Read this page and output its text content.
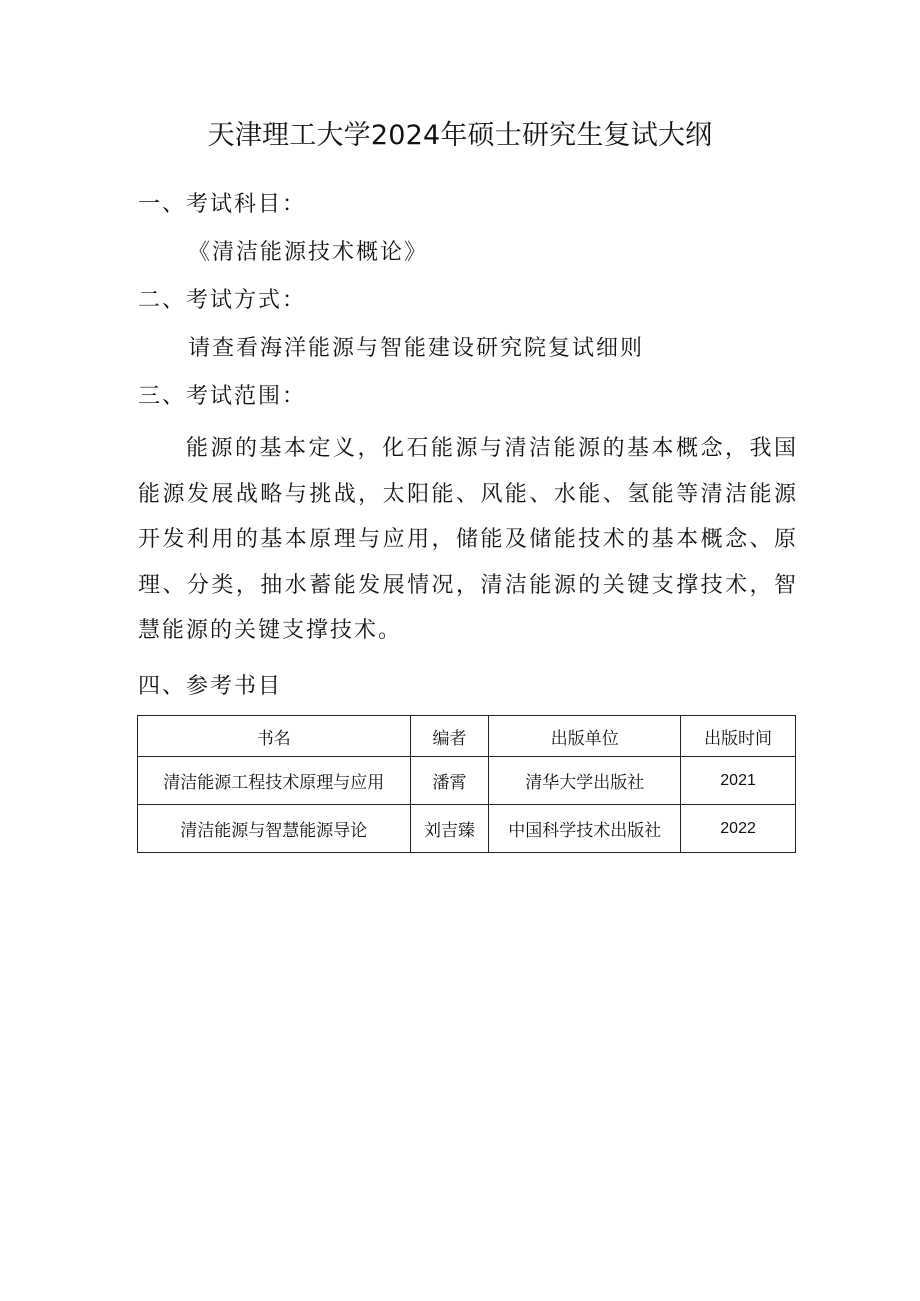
天津理工大学2024年硕士研究生复试大纲
一、考试科目：
《清洁能源技术概论》
二、考试方式：
请查看海洋能源与智能建设研究院复试细则
三、考试范围：

能源的基本定义，化石能源与清洁能源的基本概念，我国能源发展战略与挑战，太阳能、风能、水能、氢能等清洁能源开发利用的基本原理与应用，储能及储能技术的基本概念、原理、分类，抽水蓄能发展情况，清洁能源的关键支撑技术，智慧能源的关键支撑技术。

四、参考书目
书名	编者	出版单位	出版时间
清洁能源工程技术原理与应用	潘霄	清华大学出版社	2021
清洁能源与智慧能源导论	刘吉臻	中国科学技术出版社	2022
